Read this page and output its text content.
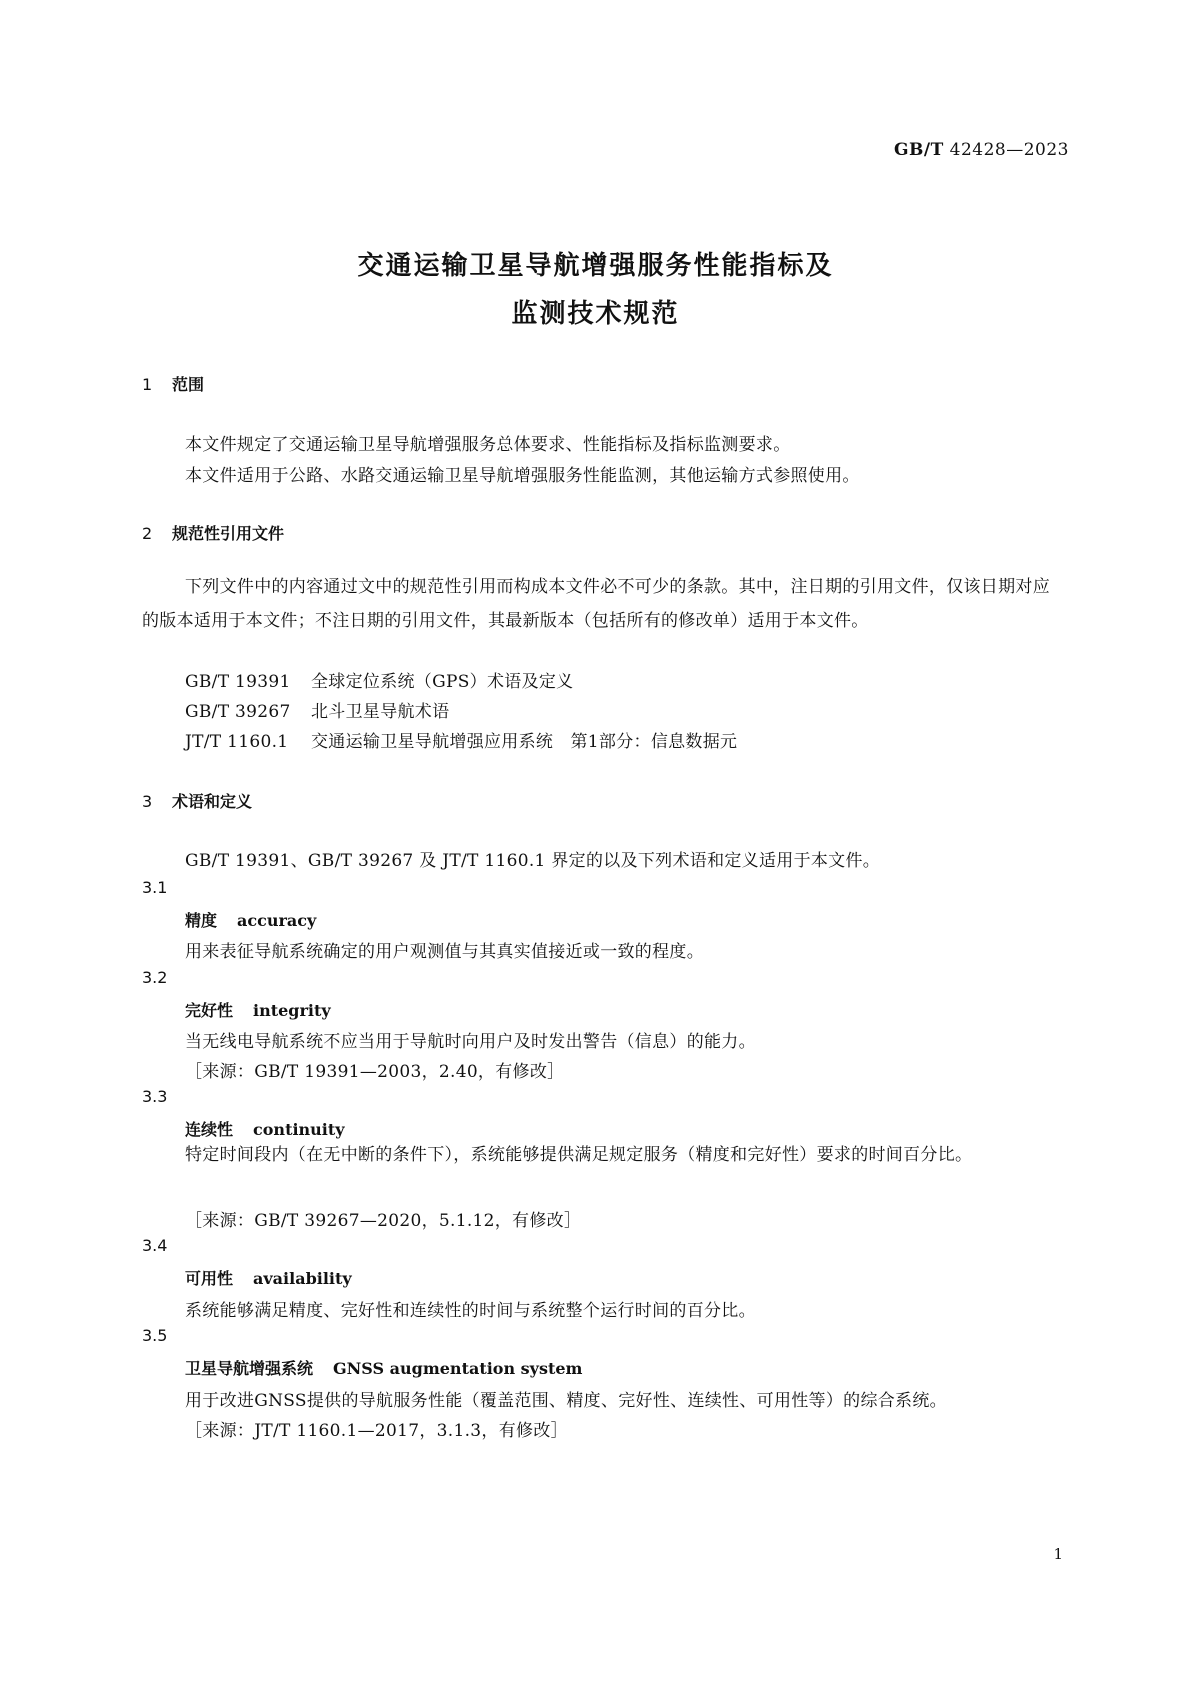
GB/T 42428—2023
交通运输卫星导航增强服务性能指标及
监测技术规范
1 范围
本文件规定了交通运输卫星导航增强服务总体要求、性能指标及指标监测要求。
本文件适用于公路、水路交通运输卫星导航增强服务性能监测，其他运输方式参照使用。
2 规范性引用文件
下列文件中的内容通过文中的规范性引用而构成本文件必不可少的条款。其中，注日期的引用文件，仅该日期对应的版本适用于本文件；不注日期的引用文件，其最新版本（包括所有的修改单）适用于本文件。
GB/T 19391 全球定位系统（GPS）术语及定义
GB/T 39267 北斗卫星导航术语
JT/T 1160.1 交通运输卫星导航增强应用系统　第1部分：信息数据元
3 术语和定义
GB/T 19391、GB/T 39267 及 JT/T 1160.1 界定的以及下列术语和定义适用于本文件。
3.1
精度 accuracy
用来表征导航系统确定的用户观测值与其真实值接近或一致的程度。
3.2
完好性 integrity
当无线电导航系统不应当用于导航时向用户及时发出警告（信息）的能力。
［来源：GB/T 19391—2003，2.40，有修改］
3.3
连续性 continuity
特定时间段内（在无中断的条件下），系统能够提供满足规定服务（精度和完好性）要求的时间百分比。
［来源：GB/T 39267—2020，5.1.12，有修改］
3.4
可用性 availability
系统能够满足精度、完好性和连续性的时间与系统整个运行时间的百分比。
3.5
卫星导航增强系统 GNSS augmentation system
用于改进GNSS提供的导航服务性能（覆盖范围、精度、完好性、连续性、可用性等）的综合系统。
［来源：JT/T 1160.1—2017，3.1.3，有修改］
1
